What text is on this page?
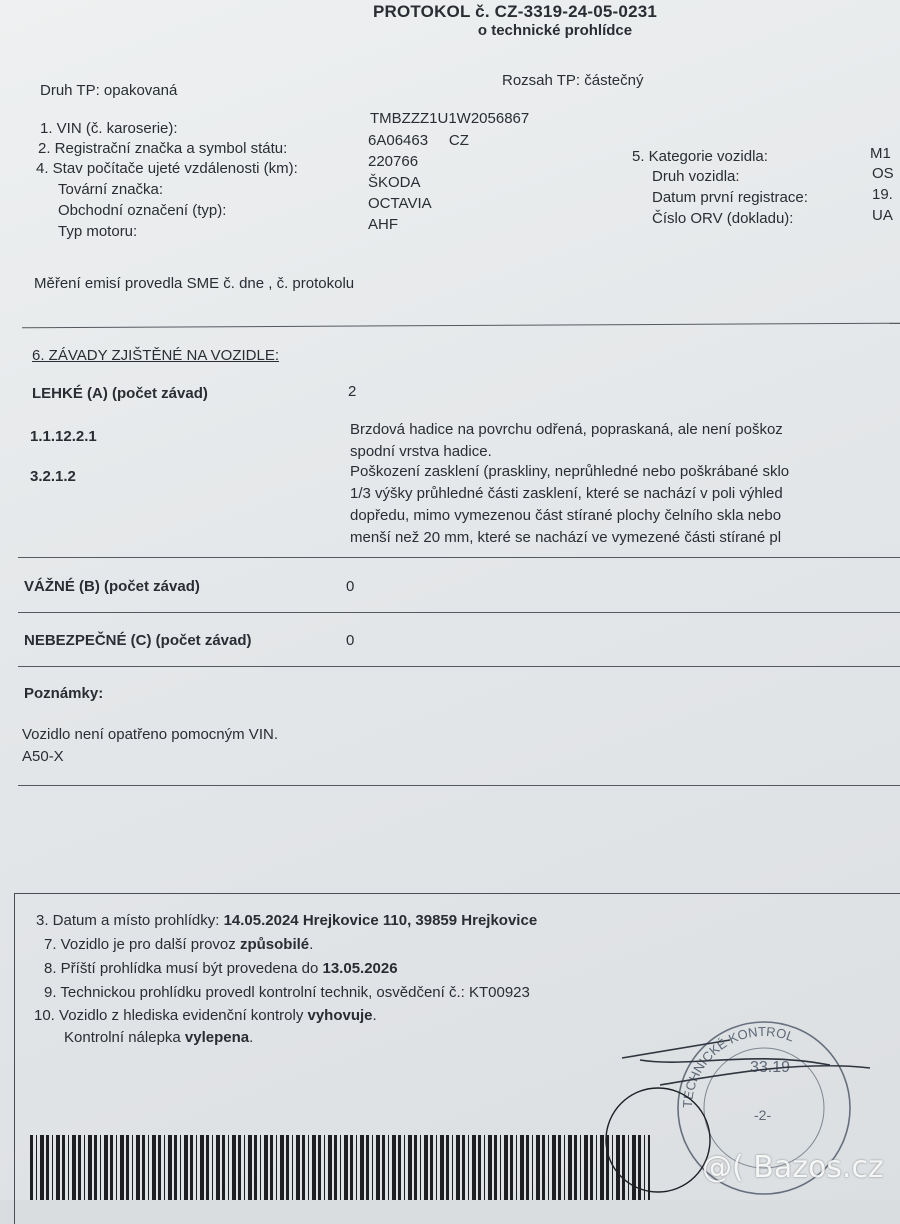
PROTOKOL č. CZ-3319-24-05-0231
o technické prohlídce
Druh TP: opakovaná
Rozsah TP: částečný
1. VIN (č. karoserie):
TMBZZZ1U1W2056867
2. Registrační značka a symbol státu:	6A06463     CZ
4. Stav počítače ujeté vzdálenosti (km):	220766
Tovární značka:	ŠKODA
Obchodní označení (typ):	OCTAVIA
Typ motoru:	AHF
5. Kategorie vozidla:	M1
Druh vozidla:	OS
Datum první registrace:	19.
Číslo ORV (dokladu):	UA
Měření emisí provedla SME č. dne , č. protokolu
6. ZÁVADY ZJIŠTĚNÉ NA VOZIDLE:
LEHKÉ (A) (počet závad)	2
1.1.12.2.1	Brzdová hadice na povrchu odřená, popraskaná, ale není poškoz
spodní vrstva hadice.
3.2.1.2	Poškození zasklení (praskliny, neprůhledné nebo poškrábané sklo
1/3 výšky průhledné části zasklení, které se nachází v poli výhled
dopředu, mimo vymezenou část stírané plochy čelního skla nebo
menší než 20 mm, které se nachází ve vymezené části stírané pl
VÁŽNÉ (B) (počet závad)	0
NEBEZPEČNÉ (C) (počet závad)	0
Poznámky:
Vozidlo není opatřeno pomocným VIN.
A50-X
3. Datum a místo prohlídky: 14.05.2024 Hrejkovice 110, 39859 Hrejkovice
7. Vozidlo je pro další provoz způsobilé.
8. Příští prohlídka musí být provedena do 13.05.2026
9. Technickou prohlídku provedl kontrolní technik, osvědčení č.: KT00923
10. Vozidlo z hlediska evidenční kontroly vyhovuje.
Kontrolní nálepka vylepena.
TECHNICKÉ KONTROL
33.19
-2-
@( Bazos.cz
